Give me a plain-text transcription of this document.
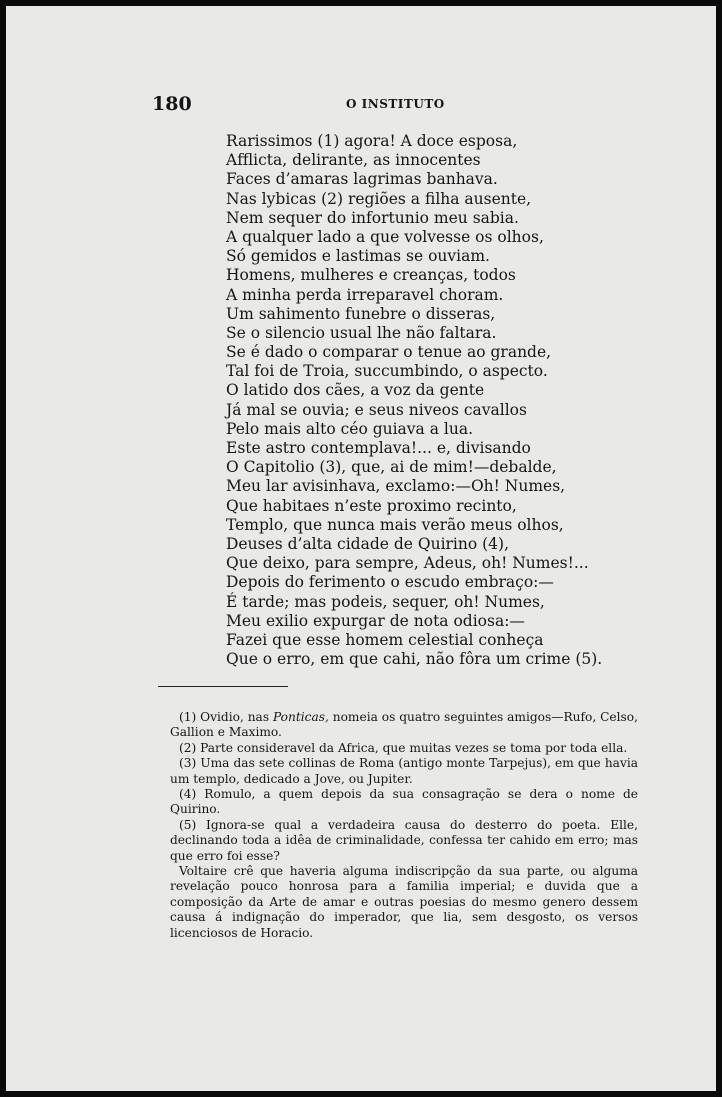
180	O INSTITUTO
Rarissimos (1) agora! A doce esposa,
Afflicta, delirante, as innocentes
Faces d’amaras lagrimas banhava.
Nas lybicas (2) regiões a filha ausente,
Nem sequer do infortunio meu sabia.
A qualquer lado a que volvesse os olhos,
Só gemidos e lastimas se ouviam.
Homens, mulheres e creanças, todos
A minha perda irreparavel choram.
Um sahimento funebre o disseras,
Se o silencio usual lhe não faltara.
Se é dado o comparar o tenue ao grande,
Tal foi de Troia, succumbindo, o aspecto.
O latido dos cães, a voz da gente
Já mal se ouvia; e seus niveos cavallos
Pelo mais alto céo guiava a lua.
Este astro contemplava!... e, divisando
O Capitolio (3), que, ai de mim!—debalde,
Meu lar avisinhava, exclamo:—Oh! Numes,
Que habitaes n’este proximo recinto,
Templo, que nunca mais verão meus olhos,
Deuses d’alta cidade de Quirino (4),
Que deixo, para sempre, Adeus, oh! Numes!...
Depois do ferimento o escudo embraço:—
É tarde; mas podeis, sequer, oh! Numes,
Meu exilio expurgar de nota odiosa:—
Fazei que esse homem celestial conheça
Que o erro, em que cahi, não fôra um crime (5).

(1) Ovidio, nas Ponticas, nomeia os quatro seguintes amigos—Rufo, Celso, Gallion e Maximo.

(2) Parte consideravel da Africa, que muitas vezes se toma por toda ella.

(3) Uma das sete collinas de Roma (antigo monte Tarpejus), em que havia um templo, dedicado a Jove, ou Jupiter.

(4) Romulo, a quem depois da sua consagração se dera o nome de Quirino.

(5) Ignora-se qual a verdadeira causa do desterro do poeta. Elle, declinando toda a idêa de criminalidade, confessa ter cahido em erro; mas que erro foi esse?

Voltaire crê que haveria alguma indiscripção da sua parte, ou alguma revelação pouco honrosa para a familia imperial; e duvida que a composição da Arte de amar e outras poesias do mesmo genero dessem causa á indignação do imperador, que lia, sem desgosto, os versos licenciosos de Horacio.
